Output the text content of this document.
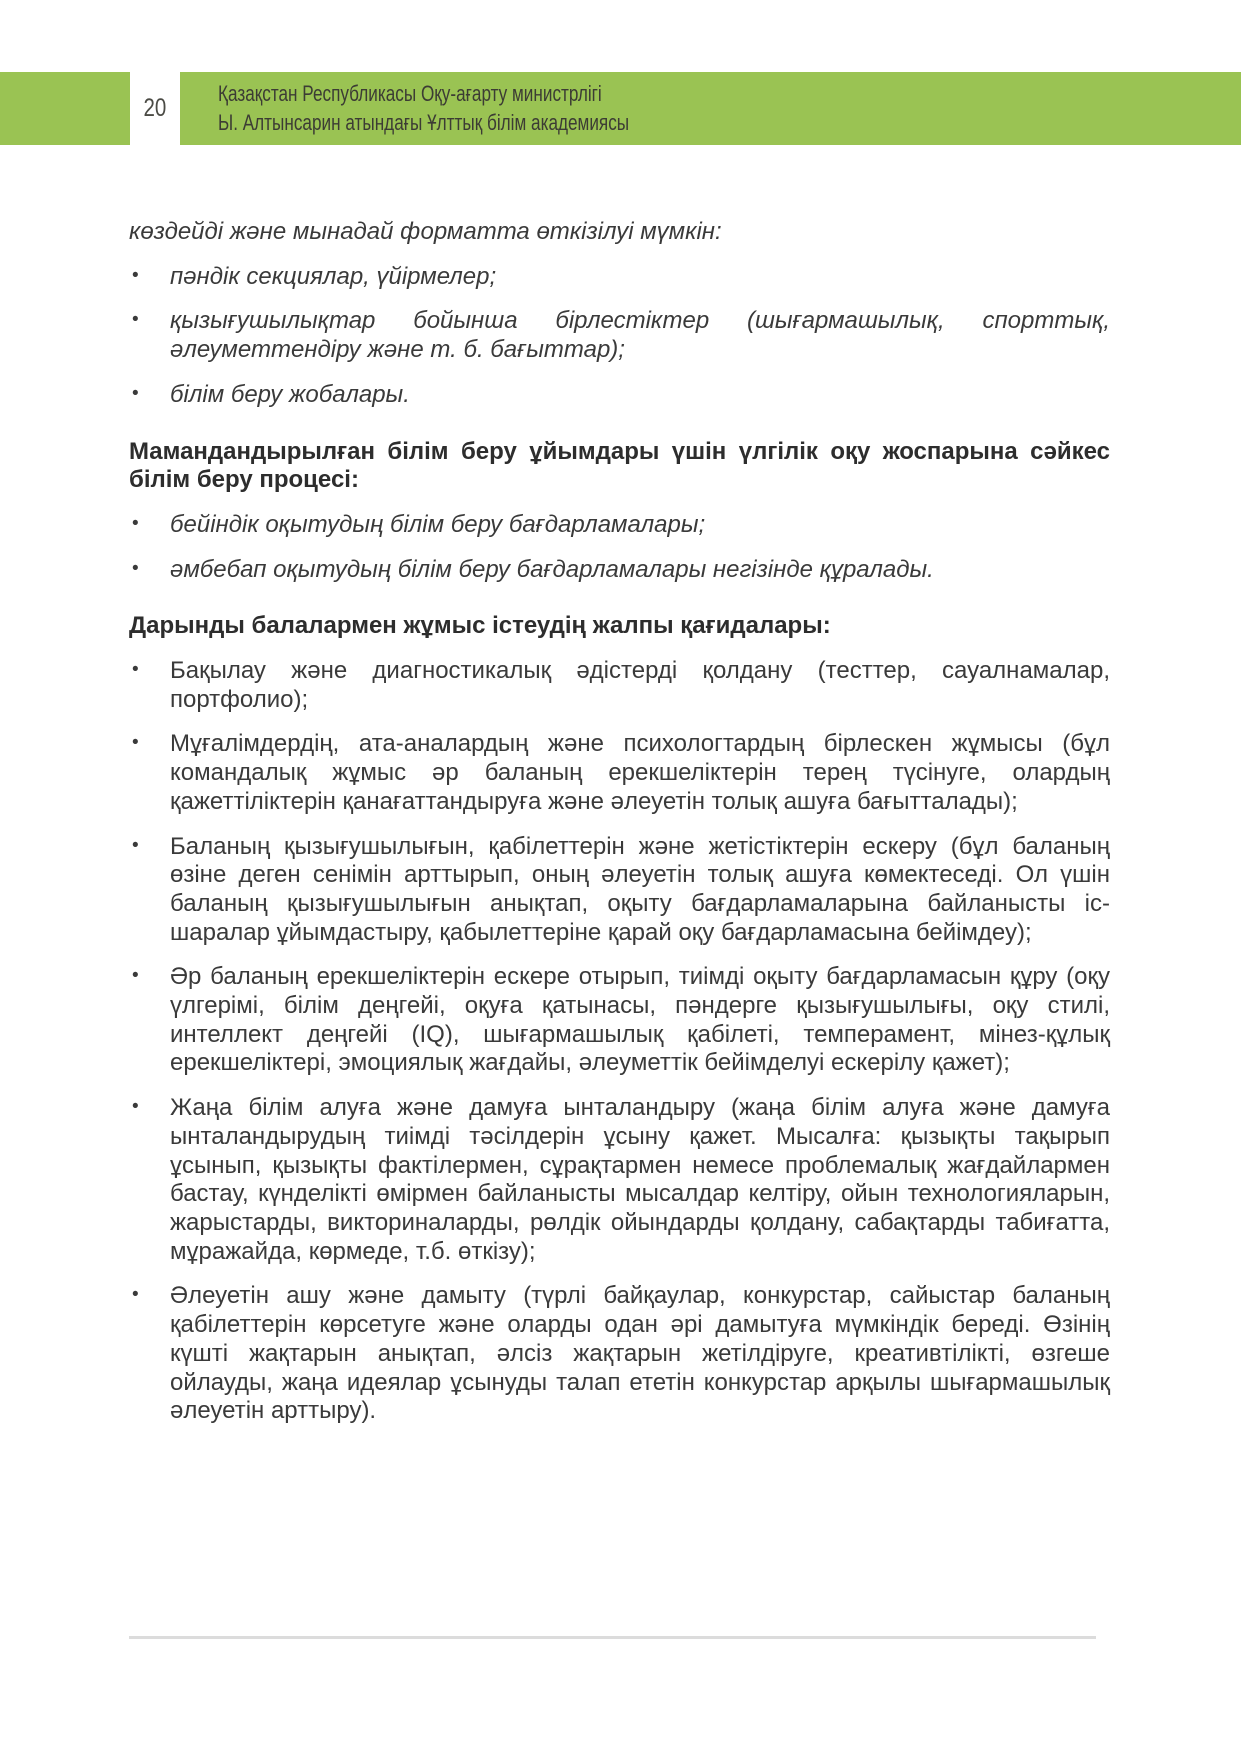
20
Қазақстан Республикасы Оқу-ағарту министрлігі
Ы. Алтынсарин атындағы Ұлттық білім академиясы

көздейді және мынадай форматта өткізілуі мүмкін:

• пәндік секциялар, үйірмелер;
• қызығушылықтар бойынша бірлестіктер (шығармашылық, спорттық, әлеуметтендіру және т. б. бағыттар);
• білім беру жобалары.

Мамандандырылған білім беру ұйымдары үшін үлгілік оқу жоспарына сәйкес білім беру процесі:

• бейіндік оқытудың білім беру бағдарламалары;
• әмбебап оқытудың білім беру бағдарламалары негізінде құралады.

Дарынды балалармен жұмыс істеудің жалпы қағидалары:

• Бақылау және диагностикалық әдістерді қолдану (тесттер, сауалнамалар, портфолио);
• Мұғалімдердің, ата-аналардың және психологтардың бірлескен жұмысы (бұл командалық жұмыс әр баланың ерекшеліктерін терең түсінуге, олардың қажеттіліктерін қанағаттандыруға және әлеуетін толық ашуға бағытталады);
• Баланың қызығушылығын, қабілеттерін және жетістіктерін ескеру (бұл баланың өзіне деген сенімін арттырып, оның әлеуетін толық ашуға көмектеседі. Ол үшін баланың қызығушылығын анықтап, оқыту бағдарламаларына байланысты іс-шаралар ұйымдастыру, қабылеттеріне қарай оқу бағдарламасына бейімдеу);
• Әр баланың ерекшеліктерін ескере отырып, тиімді оқыту бағдарламасын құру (оқу үлгерімі, білім деңгейі, оқуға қатынасы, пәндерге қызығушылығы, оқу стилі, интеллект деңгейі (IQ), шығармашылық қабілеті, темперамент, мінез-құлық ерекшеліктері, эмоциялық жағдайы, әлеуметтік бейімделуі ескерілу қажет);
• Жаңа білім алуға және дамуға ынталандыру (жаңа білім алуға және дамуға ынталандырудың тиімді тәсілдерін ұсыну қажет. Мысалға: қызықты тақырып ұсынып, қызықты фактілермен, сұрақтармен немесе проблемалық жағдайлармен бастау, күнделікті өмірмен байланысты мысалдар келтіру, ойын технологияларын, жарыстарды, викториналарды, рөлдік ойындарды қолдану, сабақтарды табиғатта, мұражайда, көрмеде, т.б. өткізу);
• Әлеуетін ашу және дамыту (түрлі байқаулар, конкурстар, сайыстар баланың қабілеттерін көрсетуге және оларды одан әрі дамытуға мүмкіндік береді. Өзінің күшті жақтарын анықтап, әлсіз жақтарын жетілдіруге, креативтілікті, өзгеше ойлауды, жаңа идеялар ұсынуды талап ететін конкурстар арқылы шығармашылық әлеуетін арттыру).
